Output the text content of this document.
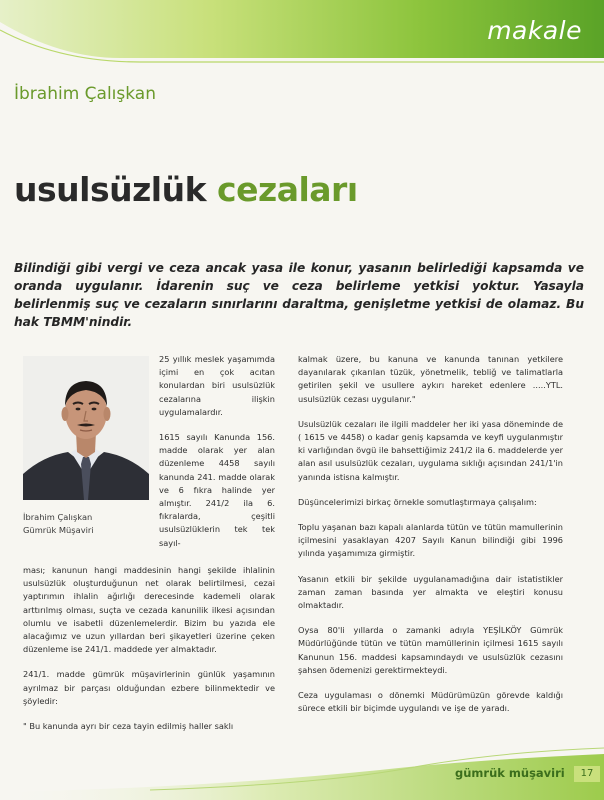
makale
İbrahim Çalışkan
usulsüzlük cezaları
Bilindiği gibi vergi ve ceza ancak yasa ile konur, yasanın belirlediği kapsamda ve oranda uygulanır. İdarenin suç ve ceza belirleme yetkisi yoktur. Yasayla belirlenmiş suç ve cezaların sınırlarını daraltma, genişletme yetkisi de olamaz. Bu hak TBMM'nindir.
İbrahim Çalışkan
Gümrük Müşaviri

25 yıllık meslek yaşamımda içimi en çok acıtan konulardan biri usulsüzlük cezalarına ilişkin uygulamalardır.

1615 sayılı Kanunda 156. madde olarak yer alan düzenleme 4458 sayılı kanunda 241. madde olarak ve 6 fıkra halinde yer almıştır. 241/2 ila 6. fıkralarda, çeşitli usulsüzlüklerin tek tek sayıl-

ması; kanunun hangi maddesinin hangi şekilde ihlalinin usulsüzlük oluşturduğunun net olarak belirtilmesi, cezai yaptırımın ihlalin ağırlığı derecesinde kademeli olarak arttırılmış olması, suçta ve cezada kanunilik ilkesi açısından olumlu ve isabetli düzenlemelerdir. Bizim bu yazıda ele alacağımız ve uzun yıllardan beri şikayetleri üzerine çeken düzenleme ise 241/1. maddede yer almaktadır.

241/1. madde gümrük müşavirlerinin günlük yaşamının ayrılmaz bir parçası olduğundan ezbere bilinmektedir ve şöyledir:

" Bu kanunda ayrı bir ceza tayin edilmiş haller saklı

kalmak üzere, bu kanuna ve kanunda tanınan yetkilere dayanılarak çıkarılan tüzük, yönetmelik, tebliğ ve talimatlarla getirilen şekil ve usullere aykırı hareket edenlere .....YTL. usulsüzlük cezası uygulanır."

Usulsüzlük cezaları ile ilgili maddeler her iki yasa döneminde de ( 1615 ve 4458) o kadar geniş kapsamda ve keyfi uygulanmıştır ki varlığından övgü ile bahsettiğimiz 241/2 ila 6. maddelerde yer alan asıl usulsüzlük cezaları, uygulama sıklığı açısından 241/1'in yanında istisna kalmıştır.

Düşüncelerimizi birkaç örnekle somutlaştırmaya çalışalım:

Toplu yaşanan bazı kapalı alanlarda tütün ve tütün mamullerinin içilmesini yasaklayan 4207 Sayılı Kanun bilindiği gibi 1996 yılında yaşamımıza girmiştir.

Yasanın etkili bir şekilde uygulanamadığına dair istatistikler zaman zaman basında yer almakta ve eleştiri konusu olmaktadır.

Oysa 80'li yıllarda o zamanki adıyla YEŞİLKÖY Gümrük Müdürlüğünde tütün ve tütün mamüllerinin içilmesi 1615 sayılı Kanunun 156. maddesi kapsamındaydı ve usulsüzlük cezasını şahsen ödemenizi gerektirmekteydi.

Ceza uygulaması o dönemki Müdürümüzün görevde kaldığı sürece etkili bir biçimde uygulandı ve işe de yaradı.

gümrük müşaviri	17
